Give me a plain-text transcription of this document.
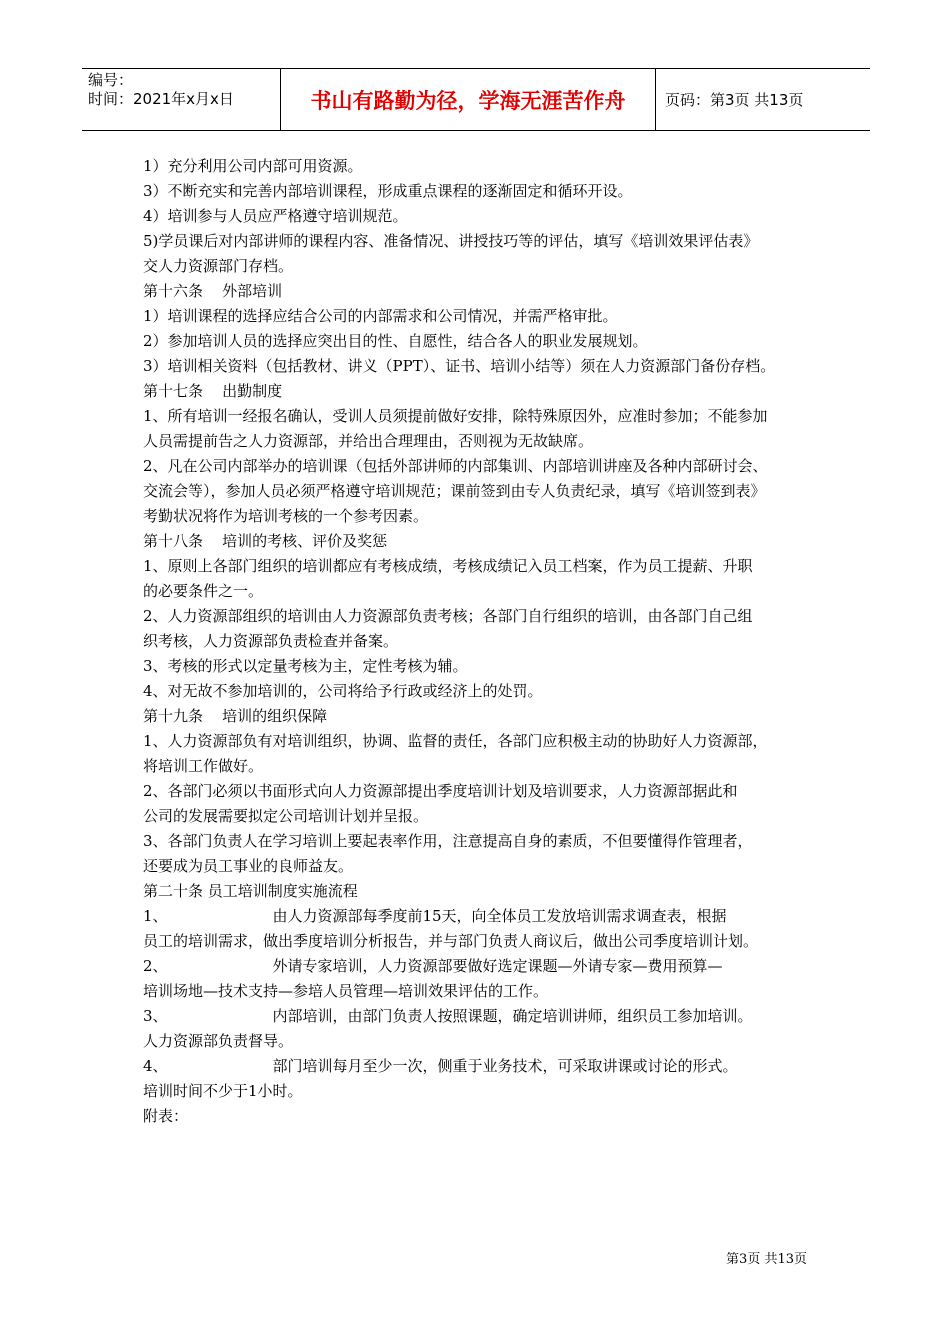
编号：
时间：2021年x月x日	书山有路勤为径，学海无涯苦作舟	页码：第3页 共13页

1）充分利用公司内部可用资源。

3）不断充实和完善内部培训课程，形成重点课程的逐渐固定和循环开设。

4）培训参与人员应严格遵守培训规范。

5)学员课后对内部讲师的课程内容、准备情况、讲授技巧等的评估，填写《培训效果评估表》

交人力资源部门存档。

第十六条    外部培训

1）培训课程的选择应结合公司的内部需求和公司情况，并需严格审批。

2）参加培训人员的选择应突出目的性、自愿性，结合各人的职业发展规划。

3）培训相关资料（包括教材、讲义（PPT）、证书、培训小结等）须在人力资源部门备份存档。

第十七条    出勤制度

1、所有培训一经报名确认，受训人员须提前做好安排，除特殊原因外，应准时参加；不能参加

人员需提前告之人力资源部，并给出合理理由，否则视为无故缺席。

2、凡在公司内部举办的培训课（包括外部讲师的内部集训、内部培训讲座及各种内部研讨会、

交流会等），参加人员必须严格遵守培训规范；课前签到由专人负责纪录，填写《培训签到表》

考勤状况将作为培训考核的一个参考因素。

第十八条    培训的考核、评价及奖惩

1、原则上各部门组织的培训都应有考核成绩，考核成绩记入员工档案，作为员工提薪、升职

的必要条件之一。

2、人力资源部组织的培训由人力资源部负责考核；各部门自行组织的培训，由各部门自己组

织考核，人力资源部负责检查并备案。

3、考核的形式以定量考核为主，定性考核为辅。

4、对无故不参加培训的，公司将给予行政或经济上的处罚。

第十九条    培训的组织保障

1、人力资源部负有对培训组织，协调、监督的责任，各部门应积极主动的协助好人力资源部，

将培训工作做好。

2、各部门必须以书面形式向人力资源部提出季度培训计划及培训要求，人力资源部据此和

公司的发展需要拟定公司培训计划并呈报。

3、各部门负责人在学习培训上要起表率作用，注意提高自身的素质，不但要懂得作管理者，

还要成为员工事业的良师益友。

第二十条 员工培训制度实施流程

1、                      由人力资源部每季度前15天，向全体员工发放培训需求调查表，根据

员工的培训需求，做出季度培训分析报告，并与部门负责人商议后，做出公司季度培训计划。

2、                      外请专家培训，人力资源部要做好选定课题—外请专家—费用预算—

培训场地—技术支持—参培人员管理—培训效果评估的工作。

3、                      内部培训，由部门负责人按照课题，确定培训讲师，组织员工参加培训。

人力资源部负责督导。

4、                      部门培训每月至少一次，侧重于业务技术，可采取讲课或讨论的形式。

培训时间不少于1小时。

附表：

第3页 共13页
